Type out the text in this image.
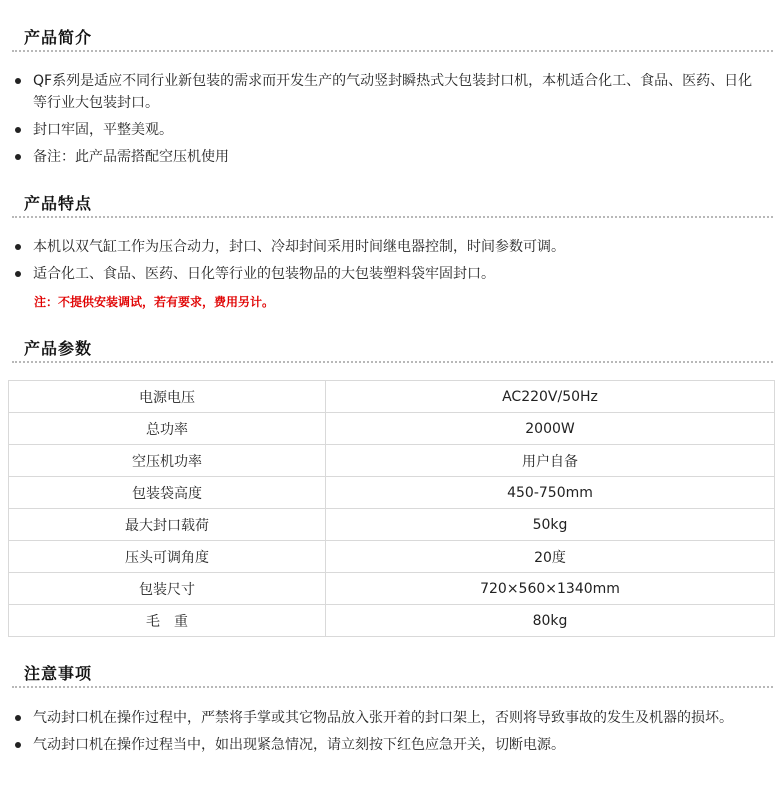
产品简介
QF系列是适应不同行业新包装的需求而开发生产的气动竖封瞬热式大包装封口机，本机适合化工、食品、医药、日化等行业大包装封口。
封口牢固，平整美观。
备注：此产品需搭配空压机使用
产品特点
本机以双气缸工作为压合动力，封口、冷却封间采用时间继电器控制，时间参数可调。
适合化工、食品、医药、日化等行业的包装物品的大包装塑料袋牢固封口。
注：不提供安装调试，若有要求，费用另计。
产品参数
电源电压	AC220V/50Hz
总功率	2000W
空压机功率	用户自备
包装袋高度	450-750mm
最大封口载荷	50kg
压头可调角度	20度
包装尺寸	720×560×1340mm
毛　重	80kg
注意事项
气动封口机在操作过程中，严禁将手掌或其它物品放入张开着的封口架上，否则将导致事故的发生及机器的损坏。
气动封口机在操作过程当中，如出现紧急情况，请立刻按下红色应急开关，切断电源。
